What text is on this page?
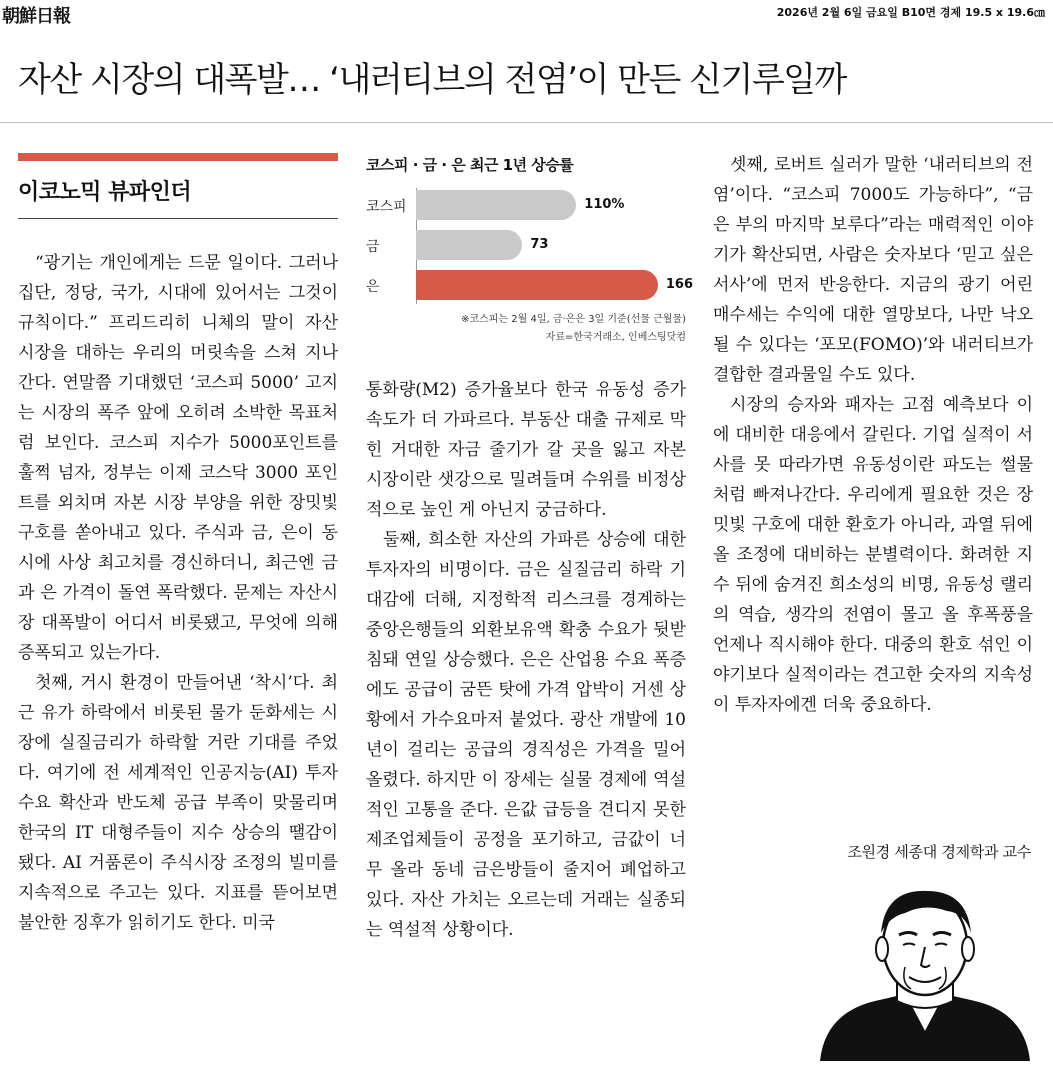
朝鮮日報	2026년 2월 6일 금요일 B10면 경제 19.5 x 19.6㎝
자산 시장의 대폭발… ‘내러티브의 전염’이 만든 신기루일까
이코노믹 뷰파인더

“광기는 개인에게는 드문 일이다. 그러나 집단, 정당, 국가, 시대에 있어서는 그것이 규칙이다.” 프리드리히 니체의 말이 자산 시장을 대하는 우리의 머릿속을 스쳐 지나간다. 연말쯤 기대했던 ‘코스피 5000’ 고지는 시장의 폭주 앞에 오히려 소박한 목표처럼 보인다. 코스피 지수가 5000포인트를 훌쩍 넘자, 정부는 이제 코스닥 3000 포인트를 외치며 자본 시장 부양을 위한 장밋빛 구호를 쏟아내고 있다. 주식과 금, 은이 동시에 사상 최고치를 경신하더니, 최근엔 금과 은 가격이 돌연 폭락했다. 문제는 자산시장 대폭발이 어디서 비롯됐고, 무엇에 의해 증폭되고 있는가다.

첫째, 거시 환경이 만들어낸 ‘착시’다. 최근 유가 하락에서 비롯된 물가 둔화세는 시장에 실질금리가 하락할 거란 기대를 주었다. 여기에 전 세계적인 인공지능(AI) 투자 수요 확산과 반도체 공급 부족이 맞물리며 한국의 IT 대형주들이 지수 상승의 땔감이 됐다. AI 거품론이 주식시장 조정의 빌미를 지속적으로 주고는 있다. 지표를 뜯어보면 불안한 징후가 읽히기도 한다. 미국

코스피 · 금 · 은 최근 1년 상승률
※코스피는 2월 4일, 금·은은 3일 기준(선물 근월물)
자료=한국거래소, 인베스팅닷컴
코스피	110%
금	73
은	166

통화량(M2) 증가율보다 한국 유동성 증가 속도가 더 가파르다. 부동산 대출 규제로 막힌 거대한 자금 줄기가 갈 곳을 잃고 자본 시장이란 샛강으로 밀려들며 수위를 비정상적으로 높인 게 아닌지 궁금하다.

둘째, 희소한 자산의 가파른 상승에 대한 투자자의 비명이다. 금은 실질금리 하락 기대감에 더해, 지정학적 리스크를 경계하는 중앙은행들의 외환보유액 확충 수요가 뒷받침돼 연일 상승했다. 은은 산업용 수요 폭증에도 공급이 굼뜬 탓에 가격 압박이 거센 상황에서 가수요마저 붙었다. 광산 개발에 10년이 걸리는 공급의 경직성은 가격을 밀어 올렸다. 하지만 이 장세는 실물 경제에 역설적인 고통을 준다. 은값 급등을 견디지 못한 제조업체들이 공정을 포기하고, 금값이 너무 올라 동네 금은방들이 줄지어 폐업하고 있다. 자산 가치는 오르는데 거래는 실종되는 역설적 상황이다.

셋째, 로버트 실러가 말한 ‘내러티브의 전염’이다. “코스피 7000도 가능하다”, “금은 부의 마지막 보루다”라는 매력적인 이야기가 확산되면, 사람은 숫자보다 ‘믿고 싶은 서사’에 먼저 반응한다. 지금의 광기 어린 매수세는 수익에 대한 열망보다, 나만 낙오될 수 있다는 ‘포모(FOMO)’와 내러티브가 결합한 결과물일 수도 있다.

시장의 승자와 패자는 고점 예측보다 이에 대비한 대응에서 갈린다. 기업 실적이 서사를 못 따라가면 유동성이란 파도는 썰물처럼 빠져나간다. 우리에게 필요한 것은 장밋빛 구호에 대한 환호가 아니라, 과열 뒤에 올 조정에 대비하는 분별력이다. 화려한 지수 뒤에 숨겨진 희소성의 비명, 유동성 랠리의 역습, 생각의 전염이 몰고 올 후폭풍을 언제나 직시해야 한다. 대중의 환호 섞인 이야기보다 실적이라는 견고한 숫자의 지속성이 투자자에겐 더욱 중요하다.

조원경 세종대 경제학과 교수
